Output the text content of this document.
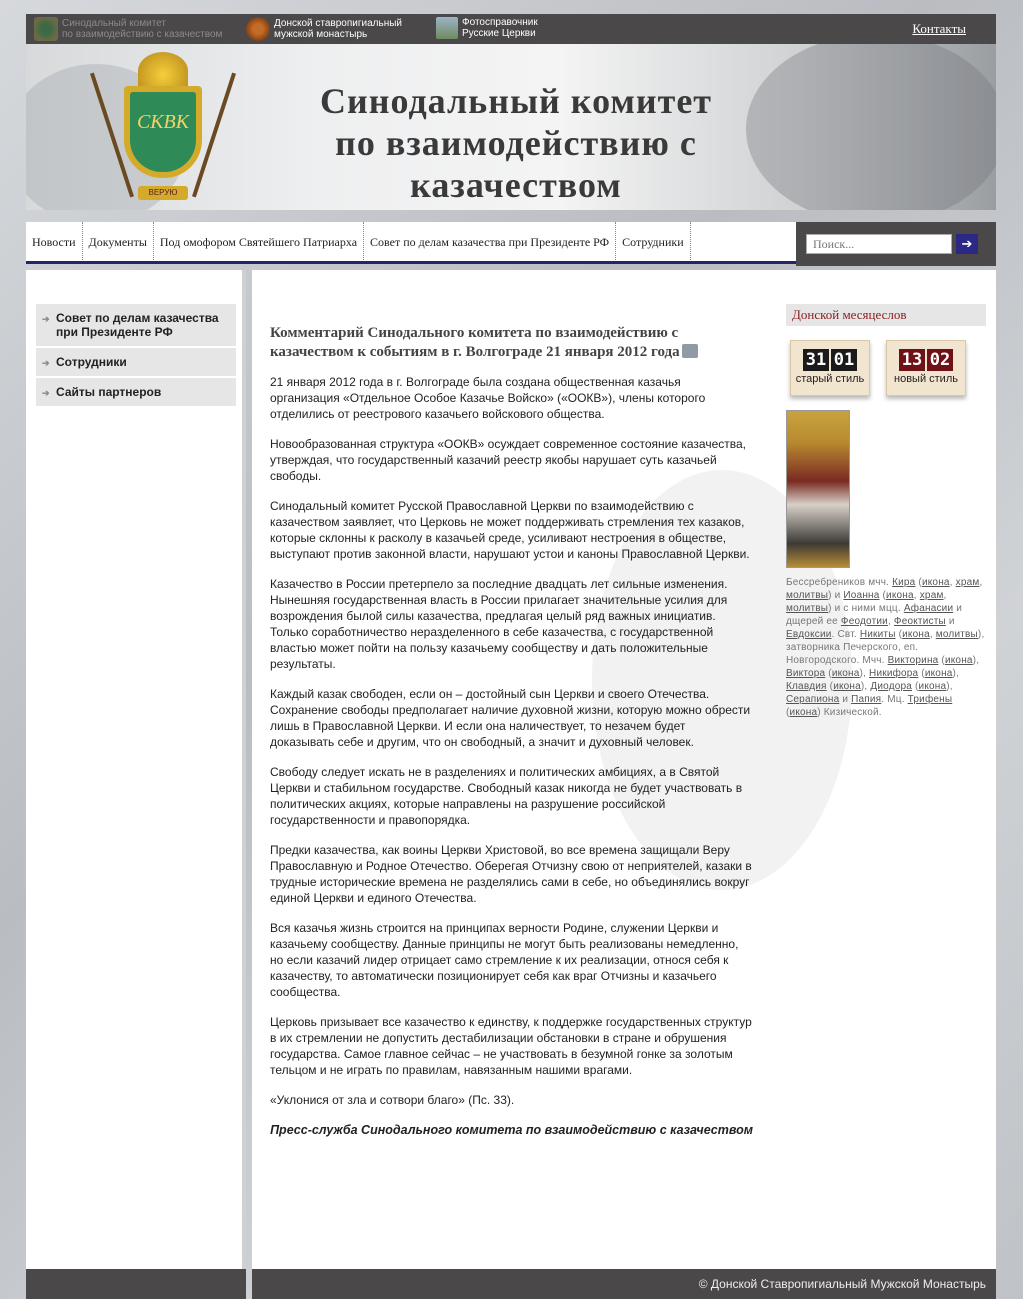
Синодальный комитет
по взаимодействию с казачеством
Донской ставропигиальный
мужской монастырь
Фотосправочник
Русские Церкви	Контакты
СКВК
ВЕРУЮ
Синодальный комитет
по взаимодействию с казачеством
Новости	Документы	Под омофором Святейшего Патриарха	Совет по делам казачества при Президенте РФ	Сотрудники
Поиск...	➔
➔ Совет по делам казачества при Президенте РФ
➔ Сотрудники
➔ Сайты партнеров
Комментарий Синодального комитета по взаимодействию с казачеством к событиям в г. Волгограде 21 января 2012 года

21 января 2012 года в г. Волгограде была создана общественная казачья организация «Отдельное Особое Казачье Войско» («ООКВ»), члены которого отделились от реестрового казачьего войскового общества.

Новообразованная структура «ООКВ» осуждает современное состояние казачества, утверждая, что государственный казачий реестр якобы нарушает суть казачьей свободы.

Синодальный комитет Русской Православной Церкви по взаимодействию с казачеством заявляет, что Церковь не может поддерживать стремления тех казаков, которые склонны к расколу в казачьей среде, усиливают нестроения в обществе, выступают против законной власти, нарушают устои и каноны Православной Церкви.

Казачество в России претерпело за последние двадцать лет сильные изменения. Нынешняя государственная власть в России прилагает значительные усилия для возрождения былой силы казачества, предлагая целый ряд важных инициатив. Только соработничество неразделенного в себе казачества, с государственной властью может пойти на пользу казачьему сообществу и дать положительные результаты.

Каждый казак свободен, если он – достойный сын Церкви и своего Отечества. Сохранение свободы предполагает наличие духовной жизни, которую можно обрести лишь в Православной Церкви. И если она наличествует, то незачем будет доказывать себе и другим, что он свободный, а значит и духовный человек.

Свободу следует искать не в разделениях и политических амбициях, а в Святой Церкви и стабильном государстве. Свободный казак никогда не будет участвовать в политических акциях, которые направлены на разрушение российской государственности и правопорядка.

Предки казачества, как воины Церкви Христовой, во все времена защищали Веру Православную и Родное Отечество. Оберегая Отчизну свою от неприятелей, казаки в трудные исторические времена не разделялись сами в себе, но объединялись вокруг единой Церкви и единого Отечества.

Вся казачья жизнь строится на принципах верности Родине, служении Церкви и казачьему сообществу. Данные принципы не могут быть реализованы немедленно, но если казачий лидер отрицает само стремление к их реализации, относя себя к казачеству, то автоматически позиционирует себя как враг Отчизны и казачьего сообщества.

Церковь призывает все казачество к единству, к поддержке государственных структур в их стремлении не допустить дестабилизации обстановки в стране и обрушения государства. Самое главное сейчас – не участвовать в безумной гонке за золотым тельцом и не играть по правилам, навязанным нашими врагами.

«Уклонися от зла и сотвори благо» (Пс. 33).

Пресс-служба Синодального комитета по взаимодействию с казачеством
Донской месяцеслов
31 01
старый стиль
13 02
новый стиль
Бессребреников мчч. Кира (икона, храм, молитвы) и Иоанна (икона, храм, молитвы) и с ними мцц. Афанасии и дщерей ее Феодотии, Феоктисты и Евдоксии. Свт. Никиты (икона, молитвы), затворника Печерского, еп. Новгородского. Мчч. Викторина (икона), Виктора (икона), Никифора (икона), Клавдия (икона), Диодора (икона), Серапиона и Папия. Мц. Трифены (икона) Кизической.
© Донской Ставропигиальный Мужской Монастырь
